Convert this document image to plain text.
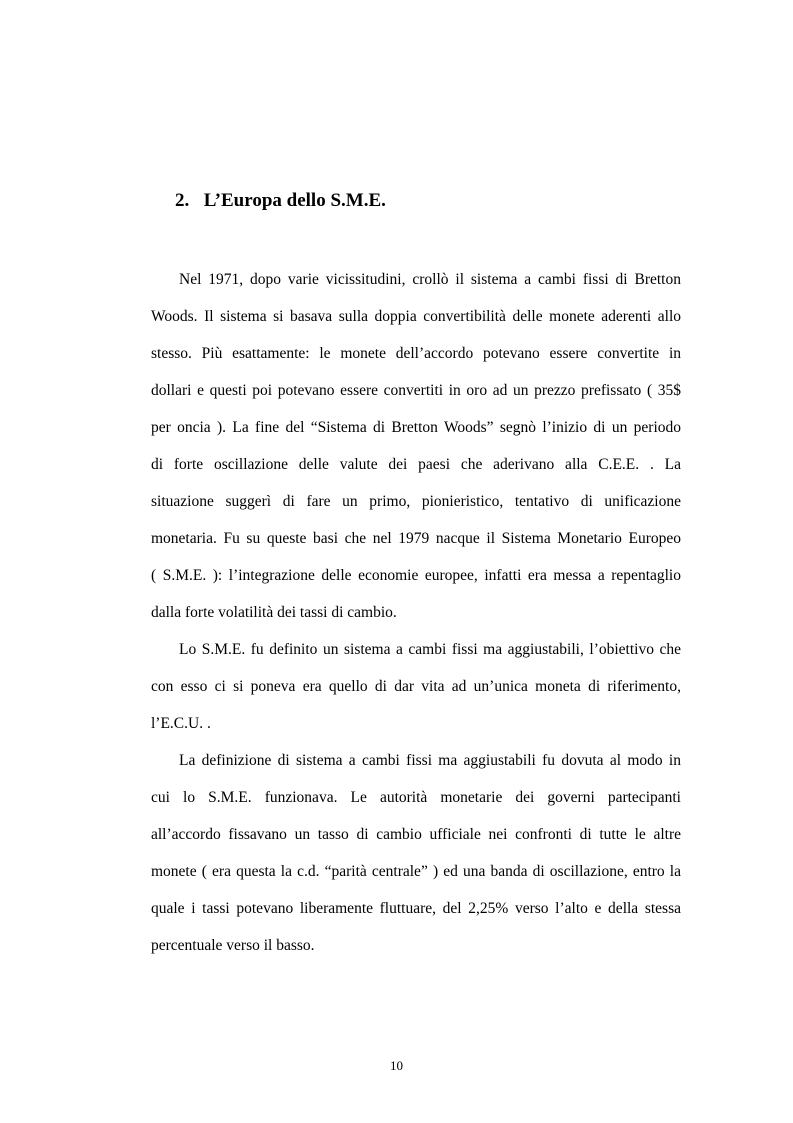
2. L’Europa dello S.M.E.
Nel 1971, dopo varie vicissitudini, crollò il sistema a cambi fissi di Bretton
Woods. Il sistema si basava sulla doppia convertibilità delle monete aderenti allo
stesso. Più esattamente: le monete dell’accordo potevano essere convertite in
dollari e questi poi potevano essere convertiti in oro ad un prezzo prefissato ( 35$
per oncia ). La fine del “Sistema di Bretton Woods” segnò l’inizio di un periodo
di forte oscillazione delle valute dei paesi che aderivano alla C.E.E. . La
situazione suggerì di fare un primo, pionieristico, tentativo di unificazione
monetaria. Fu su queste basi che nel 1979 nacque il Sistema Monetario Europeo
( S.M.E. ): l’integrazione delle economie europee, infatti era messa a repentaglio
dalla forte volatilità dei tassi di cambio.
Lo S.M.E. fu definito un sistema a cambi fissi ma aggiustabili, l’obiettivo che
con esso ci si poneva era quello di dar vita ad un’unica moneta di riferimento,
l’E.C.U. .
La definizione di sistema a cambi fissi ma aggiustabili fu dovuta al modo in
cui lo S.M.E. funzionava. Le autorità monetarie dei governi partecipanti
all’accordo fissavano un tasso di cambio ufficiale nei confronti di tutte le altre
monete ( era questa la c.d. “parità centrale” ) ed una banda di oscillazione, entro la
quale i tassi potevano liberamente fluttuare, del 2,25% verso l’alto e della stessa
percentuale verso il basso.
10
